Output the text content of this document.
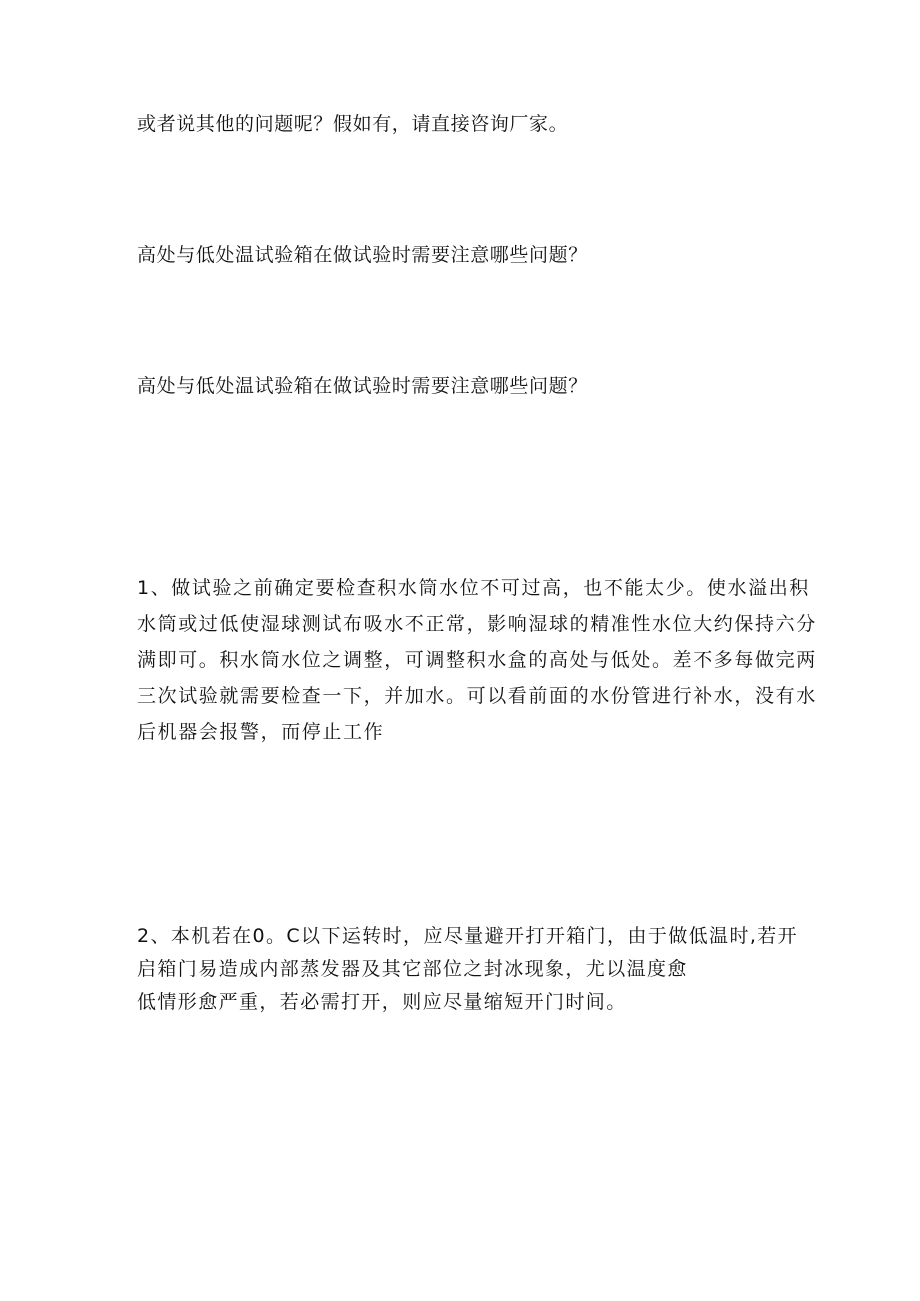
或者说其他的问题呢？假如有，请直接咨询厂家。
高处与低处温试验箱在做试验时需要注意哪些问题？
高处与低处温试验箱在做试验时需要注意哪些问题？
1、做试验之前确定要检查积水筒水位不可过高，也不能太少。使水溢出积
水筒或过低使湿球测试布吸水不正常，影响湿球的精准性水位大约保持六分
满即可。积水筒水位之调整，可调整积水盒的高处与低处。差不多每做完两
三次试验就需要检查一下，并加水。可以看前面的水份管进行补水，没有水
后机器会报警，而停止工作
2、本机若在0。C以下运转时，应尽量避开打开箱门，由于做低温时,若开
启箱门易造成内部蒸发器及其它部位之封冰现象，尤以温度愈
低情形愈严重，若必需打开，则应尽量缩短开门时间。
